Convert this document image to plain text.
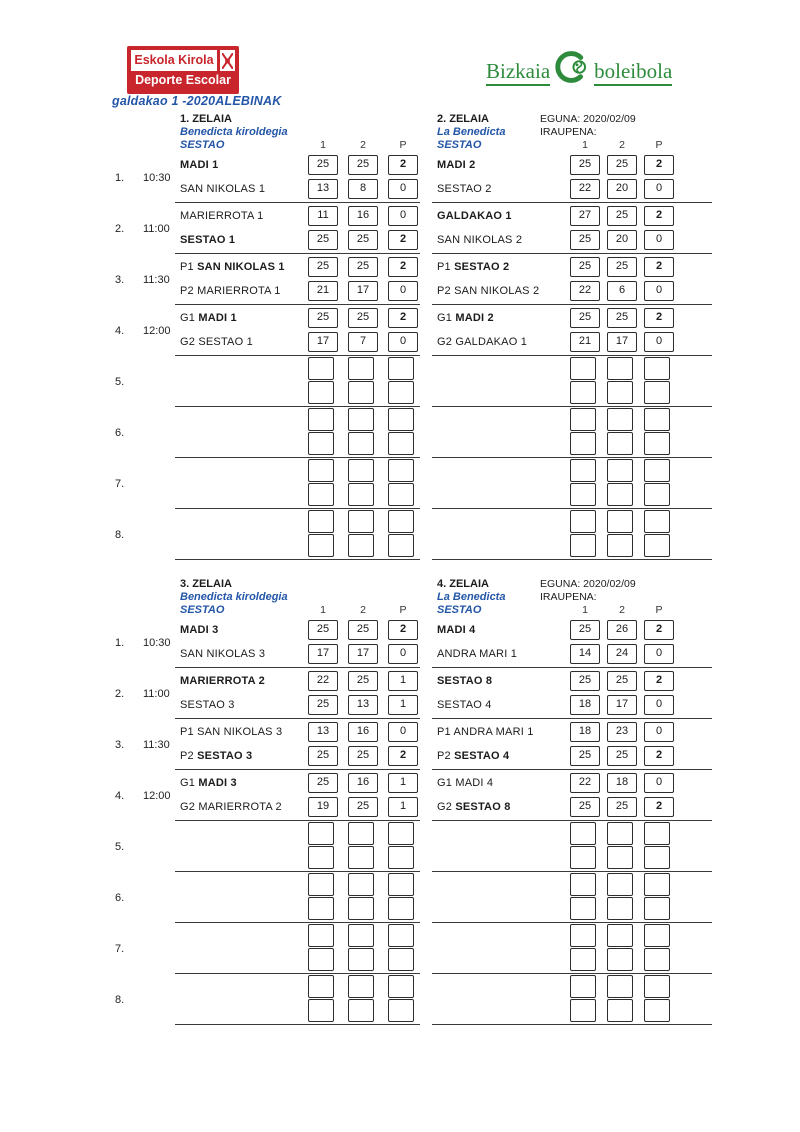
Eskola Kirola
Deporte Escolar	Bizkaia boleibola
galdakao 1 -2020ALEBINAK
1. ZELAIA
Benedicta kiroldegia
SESTAO	1	2	P
2. ZELAIA
La Benedicta
SESTAO
EGUNA: 2020/02/09
IRAUPENA:
1	2	P
1.	10:30
MADI 1	25	25	2
SAN NIKOLAS 1	13	8	0
MADI 2	25	25	2
SESTAO 2	22	20	0
2.	11:00
MARIERROTA 1	11	16	0
SESTAO 1	25	25	2
GALDAKAO 1	27	25	2
SAN NIKOLAS 2	25	20	0
3.	11:30
P1 SAN NIKOLAS 1	25	25	2
P2 MARIERROTA 1	21	17	0
P1 SESTAO 2	25	25	2
P2 SAN NIKOLAS 2	22	6	0
4.	12:00
G1 MADI 1	25	25	2
G2 SESTAO 1	17	7	0
G1 MADI 2	25	25	2
G2 GALDAKAO 1	21	17	0
5.
6.
7.
8.
3. ZELAIA
Benedicta kiroldegia
SESTAO	1	2	P
4. ZELAIA
La Benedicta
SESTAO
EGUNA: 2020/02/09
IRAUPENA:
1	2	P
1.	10:30
MADI 3	25	25	2
SAN NIKOLAS 3	17	17	0
MADI 4	25	26	2
ANDRA MARI 1	14	24	0
2.	11:00
MARIERROTA 2	22	25	1
SESTAO 3	25	13	1
SESTAO 8	25	25	2
SESTAO 4	18	17	0
3.	11:30
P1 SAN NIKOLAS 3	13	16	0
P2 SESTAO 3	25	25	2
P1 ANDRA MARI 1	18	23	0
P2 SESTAO 4	25	25	2
4.	12:00
G1 MADI 3	25	16	1
G2 MARIERROTA 2	19	25	1
G1 MADI 4	22	18	0
G2 SESTAO 8	25	25	2
5.
6.
7.
8.
